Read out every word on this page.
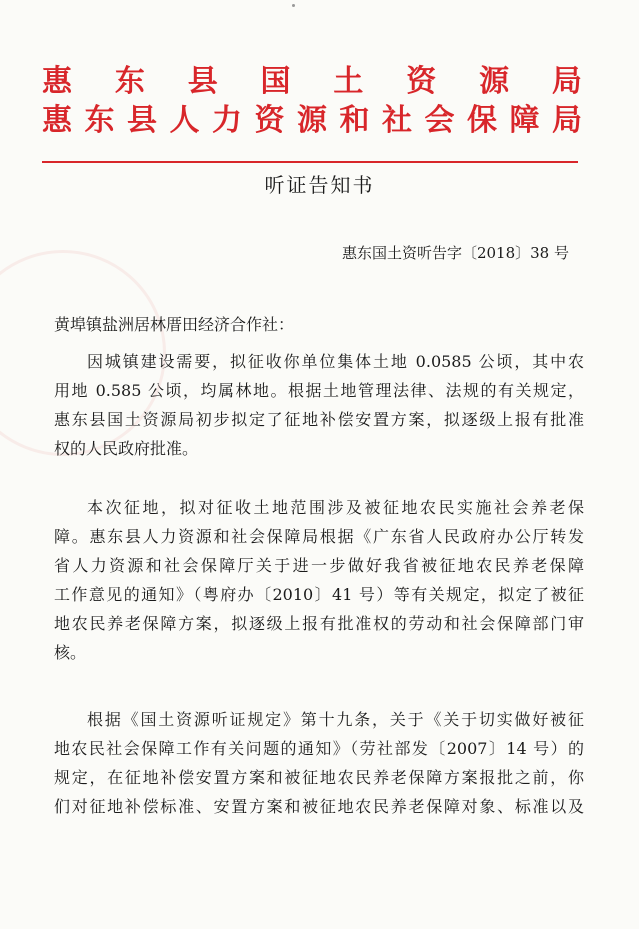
惠 东 县 国 土 资 源 局
惠 东 县 人 力 资 源 和 社 会 保 障 局
听证告知书
惠东国土资听告字〔2018〕38 号
黄埠镇盐洲居林厝田经济合作社：
因城镇建设需要，拟征收你单位集体土地 0.0585 公顷，其中农
用地 0.585 公顷，均属林地。根据土地管理法律、法规的有关规定，
惠东县国土资源局初步拟定了征地补偿安置方案，拟逐级上报有批准
权的人民政府批准。
本次征地，拟对征收土地范围涉及被征地农民实施社会养老保
障。惠东县人力资源和社会保障局根据《广东省人民政府办公厅转发
省人力资源和社会保障厅关于进一步做好我省被征地农民养老保障
工作意见的通知》（粤府办〔2010〕41 号）等有关规定，拟定了被征
地农民养老保障方案，拟逐级上报有批准权的劳动和社会保障部门审
核。
根据《国土资源听证规定》第十九条，关于《关于切实做好被征
地农民社会保障工作有关问题的通知》（劳社部发〔2007〕14 号）的
规定，在征地补偿安置方案和被征地农民养老保障方案报批之前，你
们对征地补偿标准、安置方案和被征地农民养老保障对象、标准以及
